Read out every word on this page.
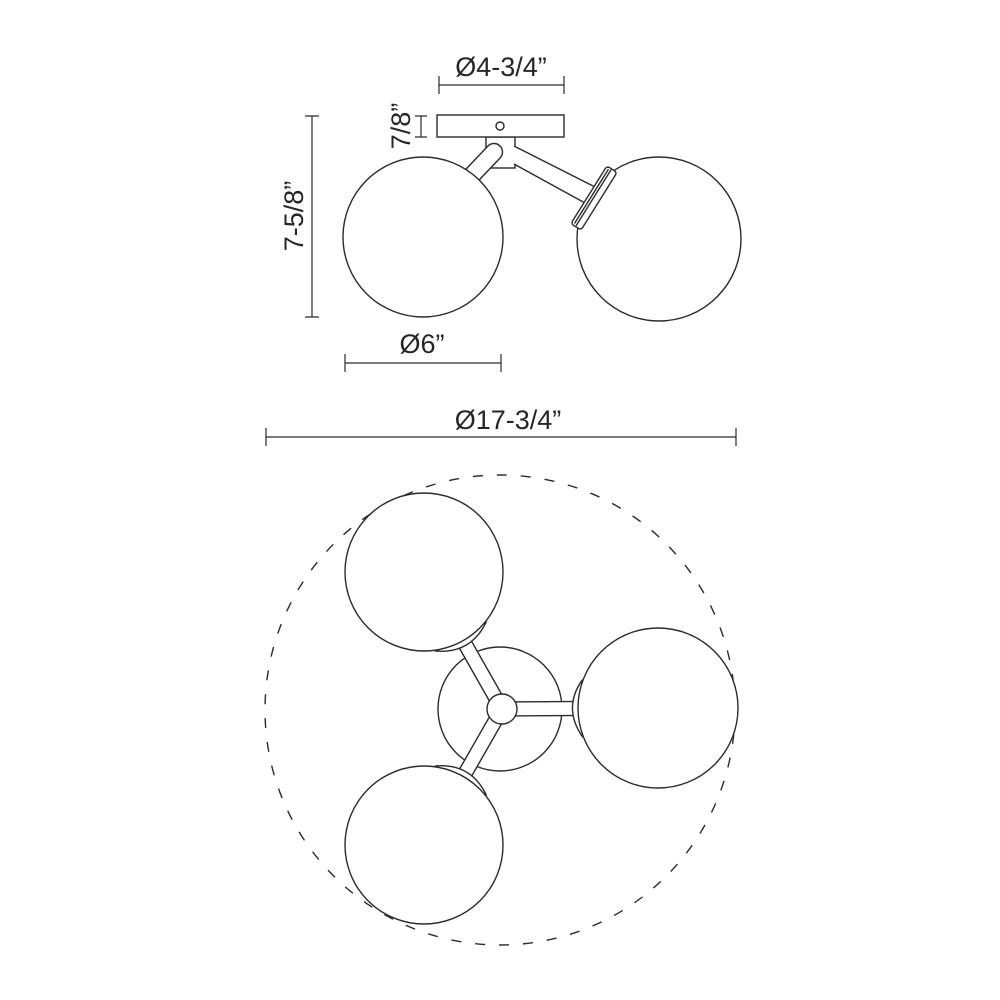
Ø4-3/4”
7/8”
7-5/8”
Ø6”
Ø17-3/4”
